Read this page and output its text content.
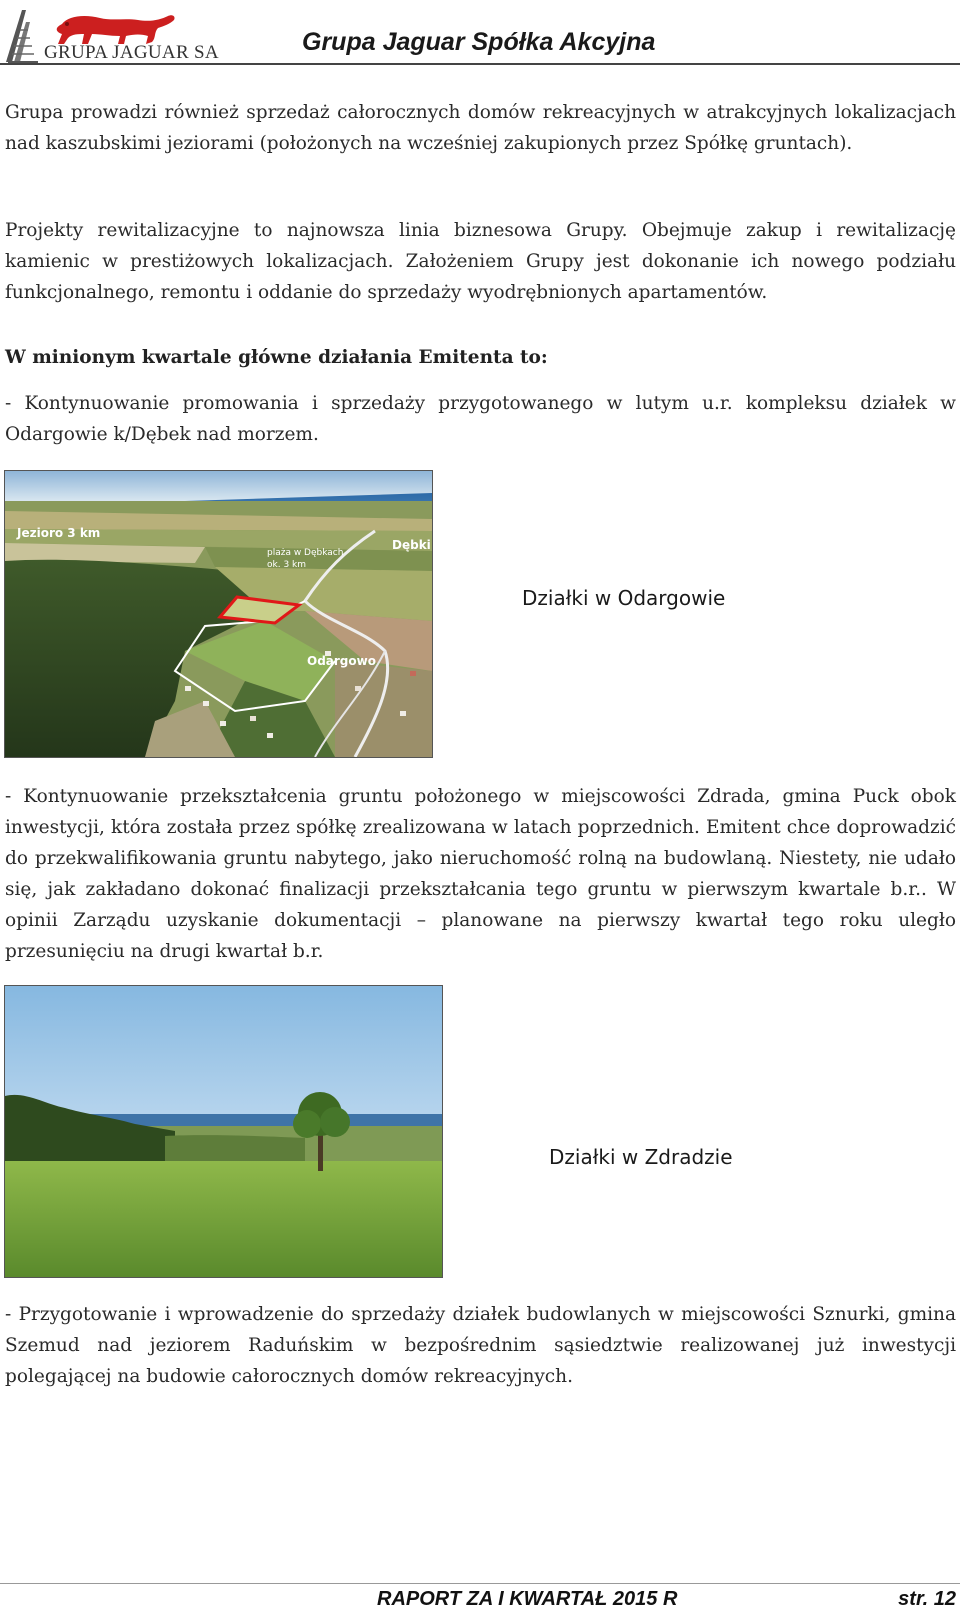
GRUPA JAGUAR SA	Grupa Jaguar Spółka Akcyjna

Grupa prowadzi również sprzedaż całorocznych domów rekreacyjnych w atrakcyjnych lokalizacjach nad kaszubskimi jeziorami (położonych na wcześniej zakupionych przez Spółkę gruntach).

Projekty rewitalizacyjne to najnowsza linia biznesowa Grupy. Obejmuje zakup i rewitalizację kamienic w prestiżowych lokalizacjach. Założeniem Grupy jest dokonanie ich nowego podziału funkcjonalnego, remontu i oddanie do sprzedaży wyodrębnionych apartamentów.

W minionym kwartale główne działania Emitenta to:

- Kontynuowanie promowania i sprzedaży przygotowanego w lutym u.r. kompleksu działek w Odargowie k/Dębek nad morzem.

Jezioro 3 km
plaża w Dębkach
ok. 3 km
Dębki
Odargowo
Działki w Odargowie

- Kontynuowanie przekształcenia gruntu położonego w miejscowości Zdrada, gmina Puck obok inwestycji, która została przez spółkę zrealizowana w latach poprzednich. Emitent chce doprowadzić do przekwalifikowania gruntu nabytego, jako nieruchomość rolną na budowlaną. Niestety, nie udało się, jak zakładano dokonać finalizacji przekształcania tego gruntu w pierwszym kwartale b.r.. W opinii Zarządu uzyskanie dokumentacji – planowane na pierwszy kwartał tego roku uległo przesunięciu na drugi kwartał b.r.

Działki w Zdradzie

- Przygotowanie i wprowadzenie do sprzedaży działek budowlanych w miejscowości Sznurki, gmina Szemud nad jeziorem Raduńskim w bezpośrednim sąsiedztwie realizowanej już inwestycji polegającej na budowie całorocznych domów rekreacyjnych.

RAPORT ZA I KWARTAŁ 2015 R	str. 12
